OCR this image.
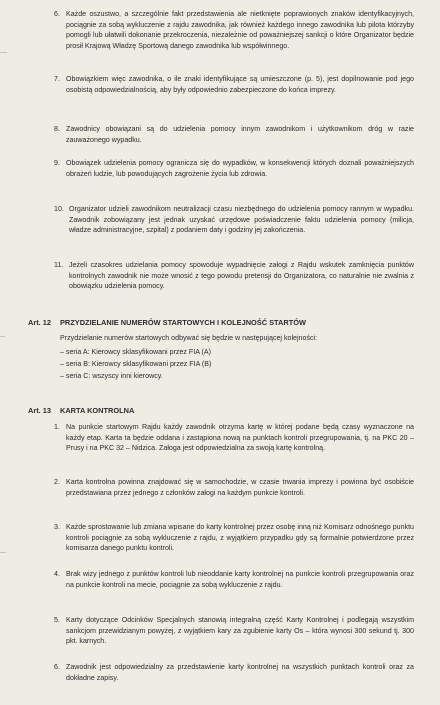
6. Każde oszustwo, a szczególnie fakt przedstawienia ale nietknięte poprawionych znaków identyfikacyjnych, pociągnie za sobą wykluczenie z rajdu zawodnika, jak również każdego innego zawodnika lub pilota którzyby pomogli lub ułatwili dokonanie przekroczenia, niezależnie od poważniejszej sankcji o które Organizator będzie prosił Krajową Władzę Sportową danego zawodnika lub współwinnego.
7. Obowiązkiem więc zawodnika, o ile znaki identyfikujące są umieszczone (p. 5), jest dopilnowanie pod jego osobistą odpowiedzialnością, aby były odpowiednio zabezpieczone do końca imprezy.
8. Zawodnicy obowiązani są do udzielenia pomocy innym zawodnikom i użytkownikom dróg w razie zauważonego wypadku.
9. Obowiązek udzielenia pomocy ogranicza się do wypadków, w konsekwencji których doznali poważniejszych obrażeń ludzie, lub powodujących zagrożenie życia lub zdrowia.
10. Organizator udzieli zawodnikom neutralizacji czasu niezbędnego do udzielenia pomocy rannym w wypadku. Zawodnik zobowiązany jest jednak uzyskać urzędowe poświadczenie faktu udzielenia pomocy (milicja, władze administracyjne, szpital) z podaniem daty i godziny jej zakończenia.
11. Jeżeli czasokres udzielania pomocy spowoduje wypadnięcie załogi z Rajdu wskutek zamknięcia punktów kontrolnych zawodnik nie może wnosić z tego powodu pretensji do Organizatora, co naturalnie nie zwalnia z obowiązku udzielenia pomocy.
Art. 12 PRZYDZIELANIE NUMERÓW STARTOWYCH I KOLEJNOŚĆ STARTÓW
Przydzielanie numerów startowych odbywać się będzie w następującej kolejności:
– seria A: Kierowcy sklasyfikowani przez FIA (A)
– seria B: Kierowcy sklasyfikowani przez FIA (B)
– seria C: wszyscy inni kierowcy.
Art. 13 KARTA KONTROLNA
1. Na punkcie startowym Rajdu każdy zawodnik otrzyma kartę w której podane będą czasy wyznaczone na każdy etap. Karta ta będzie oddana i zastąpiona nową na punktach kontroli przegrupowania, tj. na PKC 20 – Prusy i na PKC 32 – Nidzica. Załoga jest odpowiedzialna za swoją kartę kontrolną.
2. Karta kontrolna powinna znajdować się w samochodzie, w czasie trwania imprezy i powinna być osobiście przedstawiana przez jednego z członków załogi na każdym punkcie kontroli.
3. Każde sprostowanie lub zmiana wpisane do karty kontrolnej przez osobę inną niż Komisarz odnośnego punktu kontroli pociągnie za sobą wykluczenie z rajdu, z wyjątkiem przypadku gdy są formalnie potwierdzone przez komisarza danego punktu kontroli.
4. Brak wizy jednego z punktów kontroli lub nieoddanie karty kontrolnej na punkcie kontroli przegrupowania oraz na punkcie kontroli na mecie, pociągnie za sobą wykluczenie z rajdu.
5. Karty dotyczące Odcinków Specjalnych stanowią integralną część Karty Kontrolnej i podlegają wszystkim sankcjom przewidzianym powyżej, z wyjątkiem kary za zgubienie karty Os – która wynosi 300 sekund tj. 300 pkt. karnych.
6. Zawodnik jest odpowiedzialny za przedstawienie karty kontrolnej na wszystkich punktach kontroli oraz za dokładne zapisy.
